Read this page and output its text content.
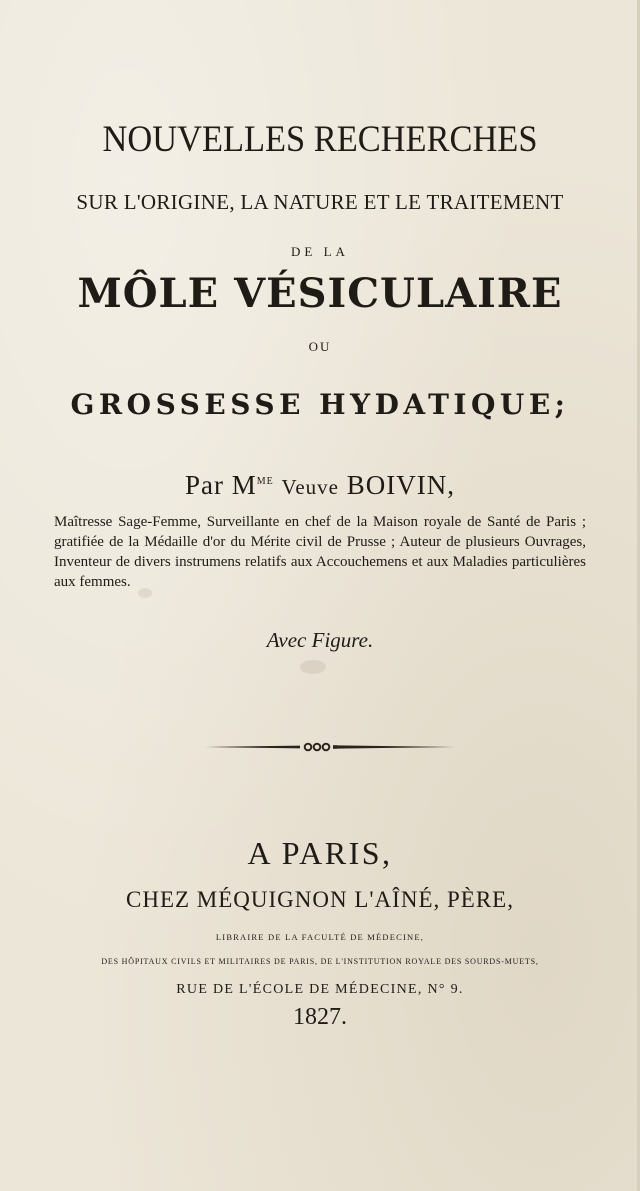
NOUVELLES RECHERCHES
SUR L'ORIGINE, LA NATURE ET LE TRAITEMENT
DE LA
MÔLE VÉSICULAIRE
OU
GROSSESSE HYDATIQUE;
Par $M^{ME}$ Veuve BOIVIN,
Maîtresse Sage-Femme, Surveillante en chef de la Maison royale de Santé de Paris ; gratifiée de la Médaille d'or du Mérite civil de Prusse ; Auteur de plusieurs Ouvrages, Inventeur de divers instrumens relatifs aux Accouchemens et aux Maladies particulières aux femmes.
Avec Figure.
A PARIS,
CHEZ MÉQUIGNON L'AÎNÉ, PÈRE,
LIBRAIRE DE LA FACULTÉ DE MÉDECINE,
DES HÔPITAUX CIVILS ET MILITAIRES DE PARIS, DE L'INSTITUTION ROYALE DES SOURDS-MUETS,
RUE DE L'ÉCOLE DE MÉDECINE, N° 9.
1827.
